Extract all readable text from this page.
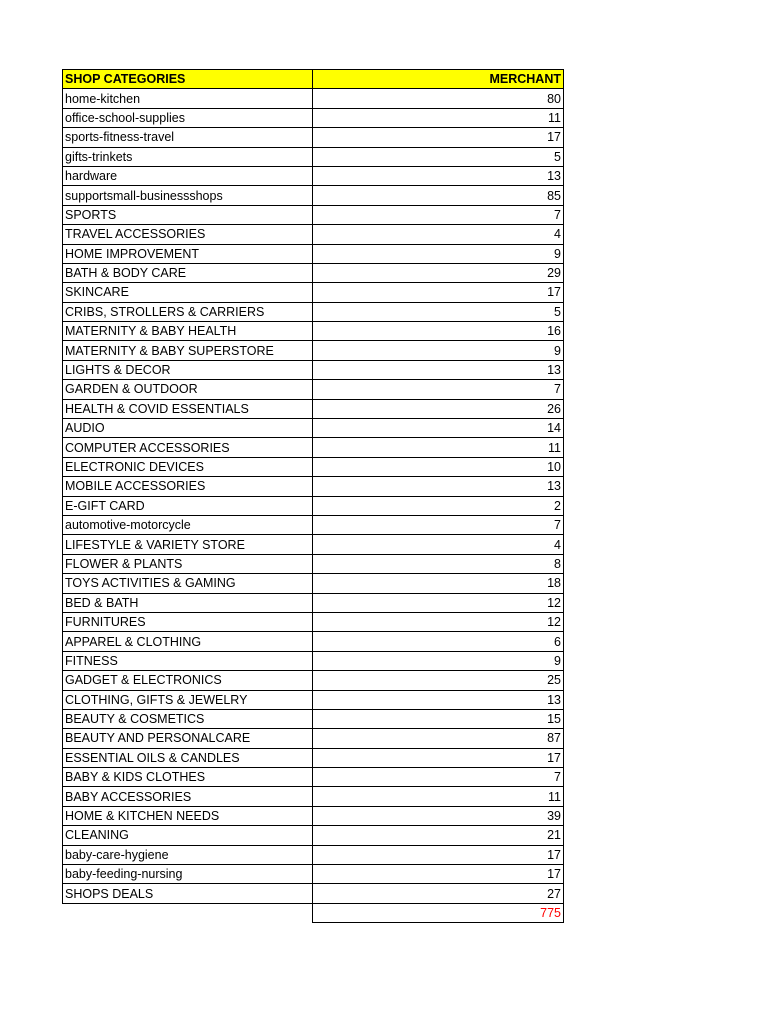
SHOP CATEGORIES	MERCHANT
home-kitchen	80
office-school-supplies	11
sports-fitness-travel	17
gifts-trinkets	5
hardware	13
supportsmall-businessshops	85
SPORTS	7
TRAVEL ACCESSORIES	4
HOME IMPROVEMENT	9
BATH & BODY CARE	29
SKINCARE	17
CRIBS, STROLLERS & CARRIERS	5
MATERNITY & BABY HEALTH	16
MATERNITY & BABY SUPERSTORE	9
LIGHTS & DECOR	13
GARDEN & OUTDOOR	7
HEALTH & COVID ESSENTIALS	26
AUDIO	14
COMPUTER ACCESSORIES	11
ELECTRONIC DEVICES	10
MOBILE ACCESSORIES	13
E-GIFT CARD	2
automotive-motorcycle	7
LIFESTYLE & VARIETY STORE	4
FLOWER & PLANTS	8
TOYS ACTIVITIES & GAMING	18
BED & BATH	12
FURNITURES	12
APPAREL & CLOTHING	6
FITNESS	9
GADGET & ELECTRONICS	25
CLOTHING, GIFTS & JEWELRY	13
BEAUTY & COSMETICS	15
BEAUTY AND PERSONALCARE	87
ESSENTIAL OILS & CANDLES	17
BABY & KIDS CLOTHES	7
BABY ACCESSORIES	11
HOME & KITCHEN NEEDS	39
CLEANING	21
baby-care-hygiene	17
baby-feeding-nursing	17
SHOPS DEALS	27
	775
